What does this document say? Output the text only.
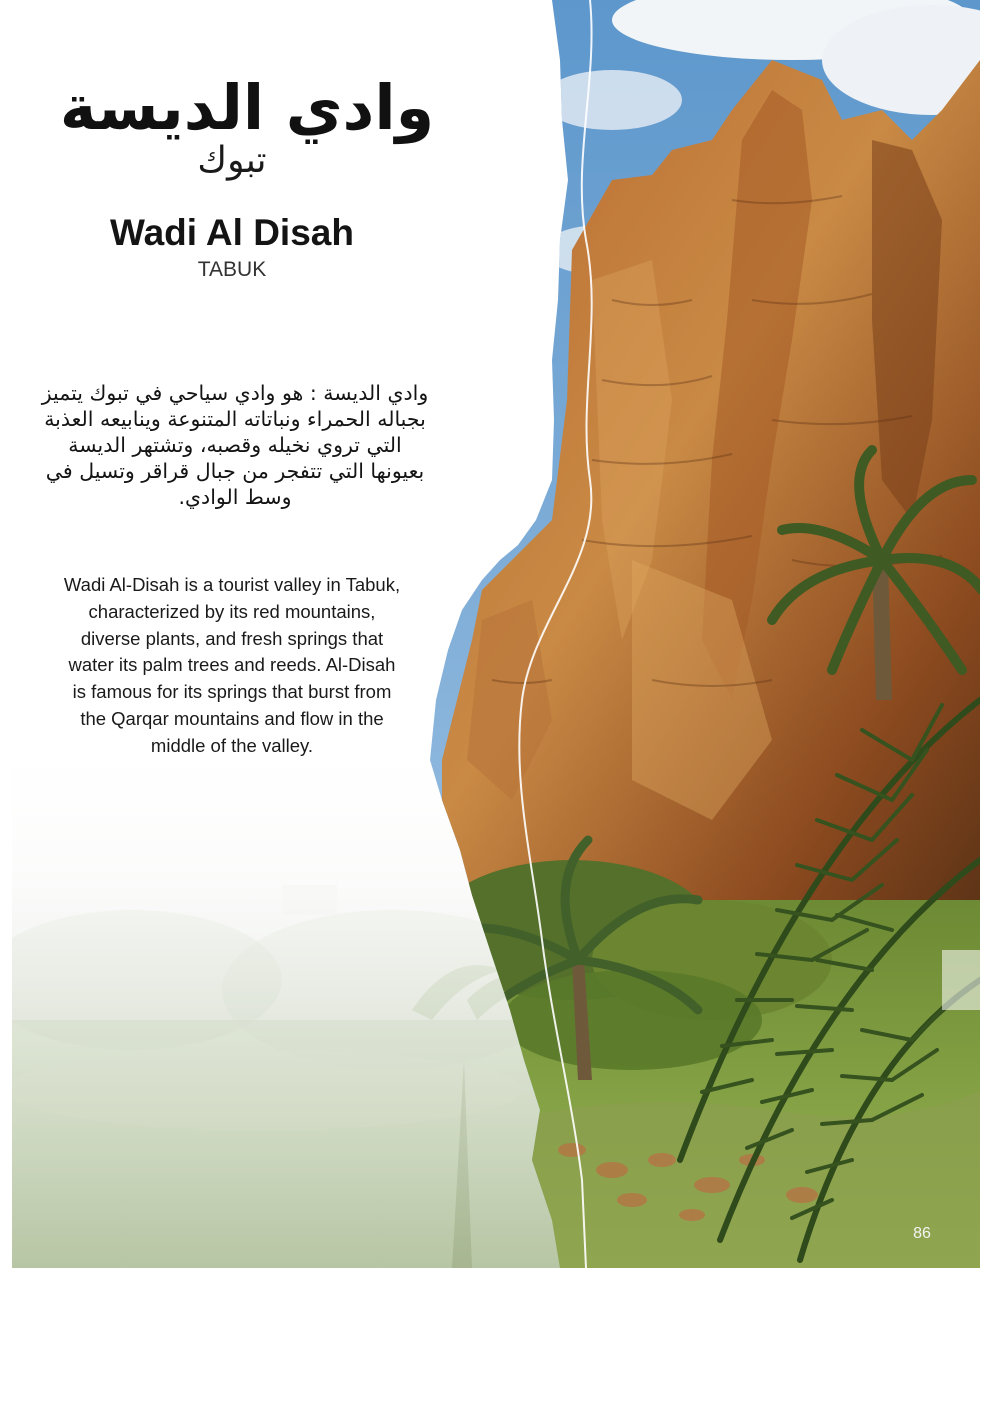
وادي الديسة
تبوك
Wadi Al Disah
TABUK
وادي الديسة : هو وادي سياحي في تبوك يتميز بجباله الحمراء ونباتاته المتنوعة وينابيعه العذبة التي تروي نخيله وقصبه، وتشتهر الديسة بعيونها التي تتفجر من جبال قراقر وتسيل في وسط الوادي.
Wadi Al-Disah is a tourist valley in Tabuk, characterized by its red mountains, diverse plants, and fresh springs that water its palm trees and reeds. Al-Disah is famous for its springs that burst from the Qarqar mountains and flow in the middle of the valley.
86
